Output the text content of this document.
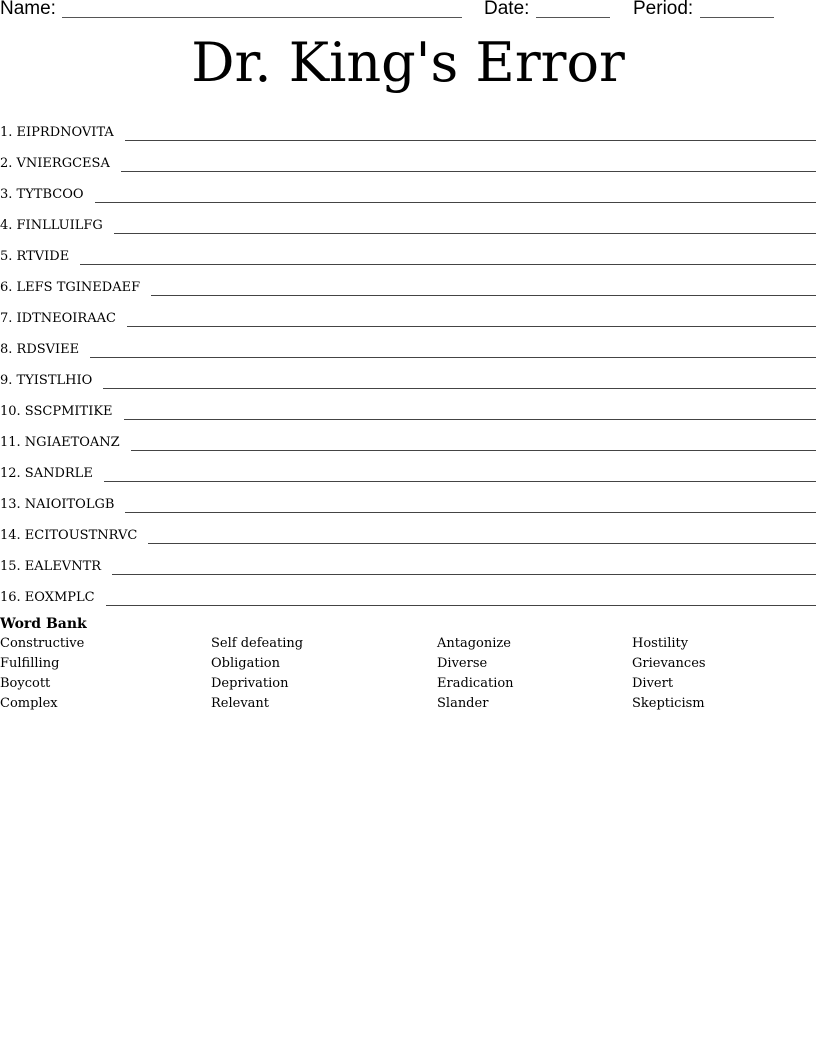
Name:	Date:	Period:
Dr. King's Error
1. EIPRDNOVITA
2. VNIERGCESA
3. TYTBCOO
4. FINLLUILFG
5. RTVIDE
6. LEFS TGINEDAEF
7. IDTNEOIRAAC
8. RDSVIEE
9. TYISTLHIO
10. SSCPMITIKE
11. NGIAETOANZ
12. SANDRLE
13. NAIOITOLGB
14. ECITOUSTNRVC
15. EALEVNTR
16. EOXMPLC
Word Bank
Constructive	Self defeating	Antagonize	Hostility
Fulfilling	Obligation	Diverse	Grievances
Boycott	Deprivation	Eradication	Divert
Complex	Relevant	Slander	Skepticism
